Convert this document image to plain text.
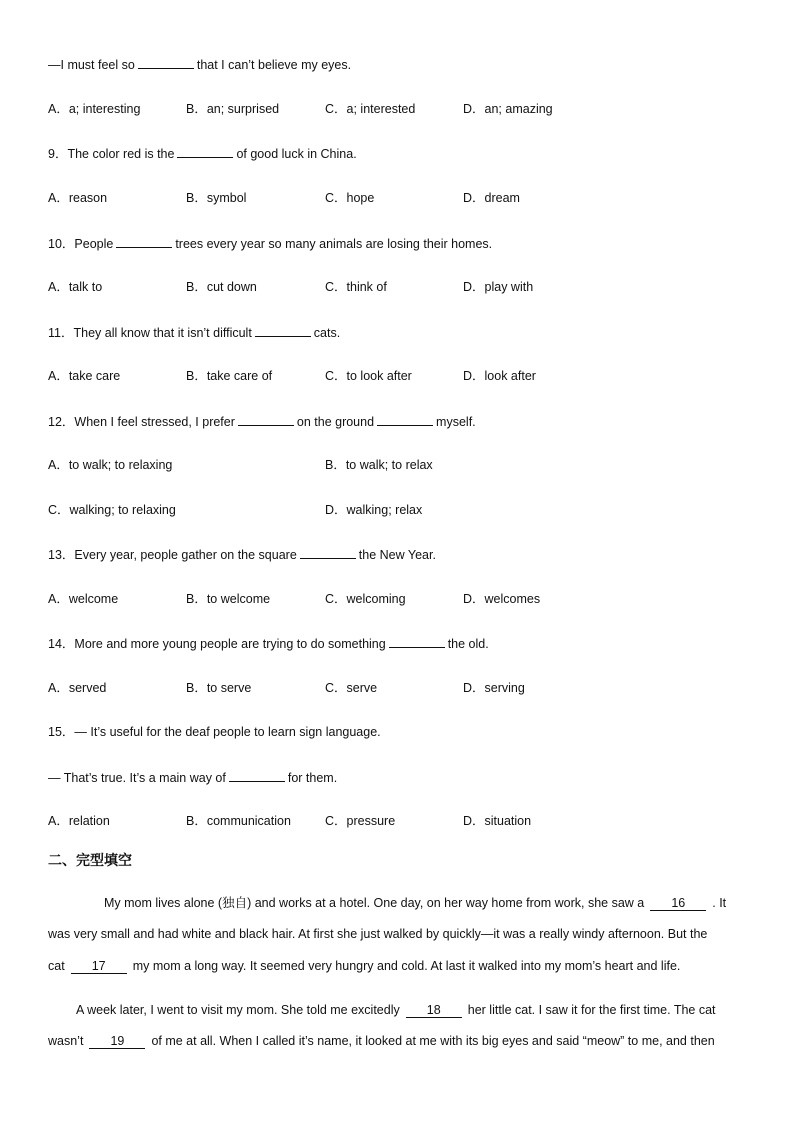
—I must feel so	that I can’t believe my eyes.
A．a; interesting	B．an; surprised	C．a; interested	D．an; amazing
9．The color red is the	of good luck in China.
A．reason	B．symbol	C．hope	D．dream
10．People	trees every year so many animals are losing their homes.
A．talk to	B．cut down	C．think of	D．play with
11．They all know that it isn’t difficult	cats.
A．take care	B．take care of	C．to look after	D．look after
12．When I feel stressed, I prefer	on the ground	myself.
A．to walk; to relaxing	B．to walk; to relax
C．walking; to relaxing	D．walking; relax
13．Every year, people gather on the square	the New Year.
A．welcome	B．to welcome	C．welcoming	D．welcomes
14．More and more young people are trying to do something	the old.
A．served	B．to serve	C．serve	D．serving
15．— It’s useful for the deaf people to learn sign language.
— That’s true. It’s a main way of	for them.
A．relation	B．communication	C．pressure	D．situation
二、完型填空
My mom lives alone (独自) and works at a hotel. One day, on her way home from work, she saw a 16 . It
was very small and had white and black hair. At first she just walked by quickly—it was a really windy afternoon. But the
cat 17 my mom a long way. It seemed very hungry and cold. At last it walked into my mom’s heart and life.
A week later, I went to visit my mom. She told me excitedly 18 her little cat. I saw it for the first time. The cat
wasn’t 19 of me at all. When I called it’s name, it looked at me with its big eyes and said “meow” to me, and then
